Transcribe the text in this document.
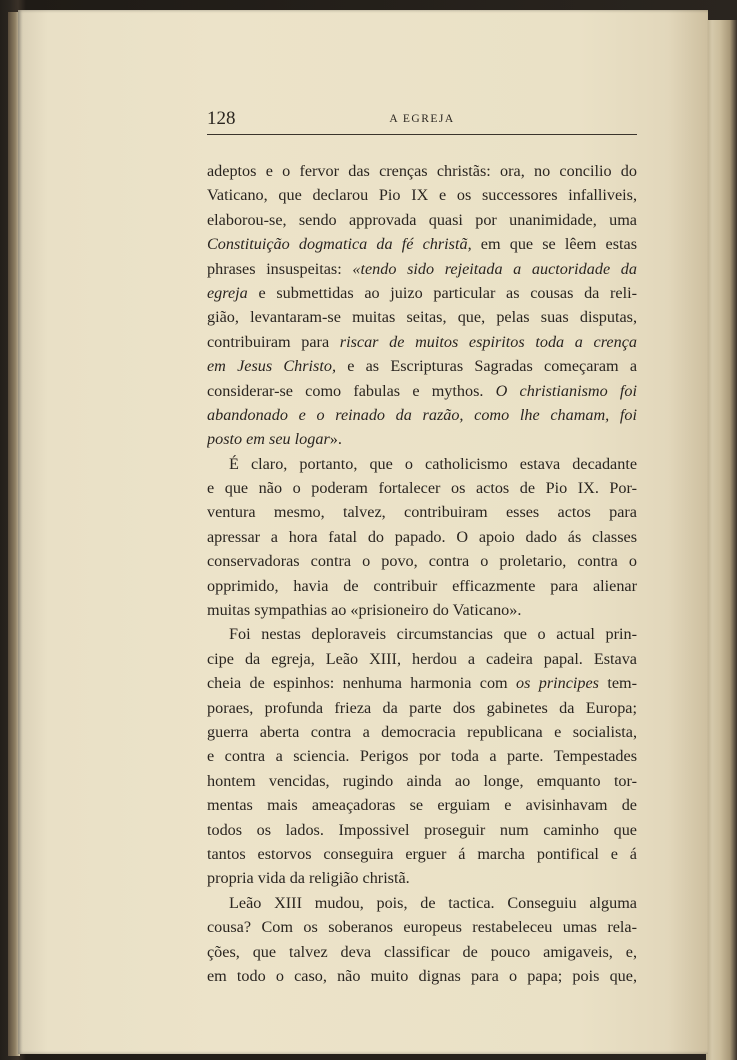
128	A EGREJA
adeptos e o fervor das crenças christãs: ora, no concilio do
Vaticano, que declarou Pio IX e os successores infalliveis,
elaborou-se, sendo approvada quasi por unanimidade, uma
Constituição dogmatica da fé christã, em que se lêem estas
phrases insuspeitas: «tendo sido rejeitada a auctoridade da
egreja e submettidas ao juizo particular as cousas da reli-
gião, levantaram-se muitas seitas, que, pelas suas disputas,
contribuiram para riscar de muitos espiritos toda a crença
em Jesus Christo, e as Escripturas Sagradas começaram a
considerar-se como fabulas e mythos. O christianismo foi
abandonado e o reinado da razão, como lhe chamam, foi
posto em seu logar».
É claro, portanto, que o catholicismo estava decadante
e que não o poderam fortalecer os actos de Pio IX. Por-
ventura mesmo, talvez, contribuiram esses actos para
apressar a hora fatal do papado. O apoio dado ás classes
conservadoras contra o povo, contra o proletario, contra o
opprimido, havia de contribuir efficazmente para alienar
muitas sympathias ao «prisioneiro do Vaticano».
Foi nestas deploraveis circumstancias que o actual prin-
cipe da egreja, Leão XIII, herdou a cadeira papal. Estava
cheia de espinhos: nenhuma harmonia com os principes tem-
poraes, profunda frieza da parte dos gabinetes da Europa;
guerra aberta contra a democracia republicana e socialista,
e contra a sciencia. Perigos por toda a parte. Tempestades
hontem vencidas, rugindo ainda ao longe, emquanto tor-
mentas mais ameaçadoras se erguiam e avisinhavam de
todos os lados. Impossivel proseguir num caminho que
tantos estorvos conseguira erguer á marcha pontifical e á
propria vida da religião christã.
Leão XIII mudou, pois, de tactica. Conseguiu alguma
cousa? Com os soberanos europeus restabeleceu umas rela-
ções, que talvez deva classificar de pouco amigaveis, e,
em todo o caso, não muito dignas para o papa; pois que,
